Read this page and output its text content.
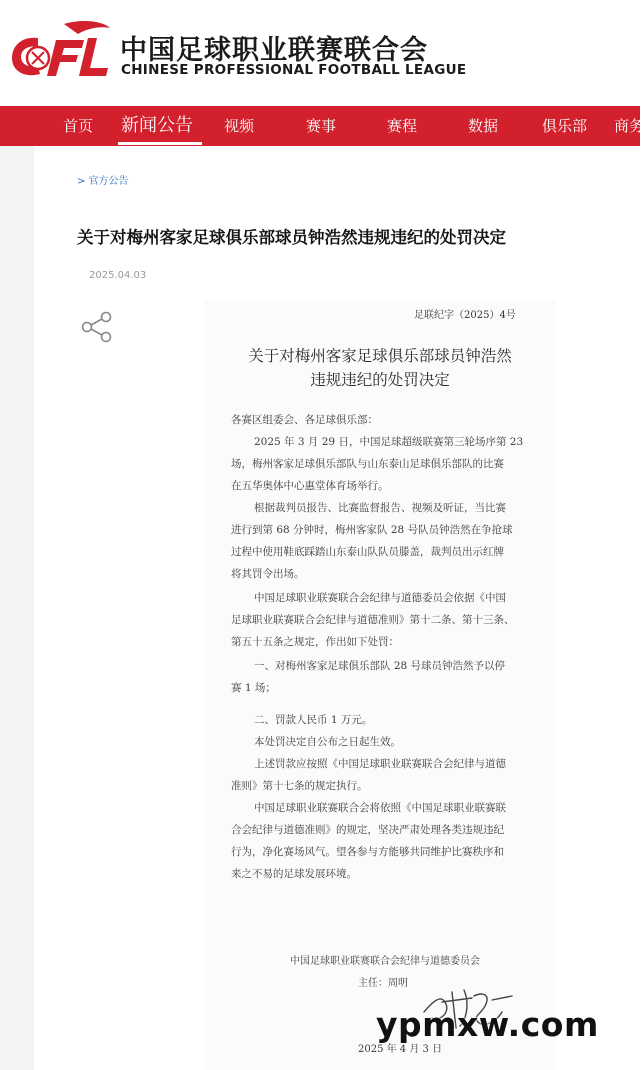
中国足球职业联赛联合会
CHINESE PROFESSIONAL FOOTBALL LEAGUE
首页 新闻公告 视频	赛事	赛程	数据	俱乐部 商务
> 官方公告
关于对梅州客家足球俱乐部球员钟浩然违规违纪的处罚决定
2025.04.03
足联纪字（2025）4号
关于对梅州客家足球俱乐部球员钟浩然
违规违纪的处罚决定
各赛区组委会、各足球俱乐部：
2025 年 3 月 29 日，中国足球超级联赛第三轮场序第 23
场，梅州客家足球俱乐部队与山东泰山足球俱乐部队的比赛
在五华奥体中心惠堂体育场举行。
根据裁判员报告、比赛监督报告、视频及听证，当比赛
进行到第 68 分钟时，梅州客家队 28 号队员钟浩然在争抢球
过程中使用鞋底踩踏山东泰山队队员滕盖，裁判员出示红牌
将其罚令出场。
中国足球职业联赛联合会纪律与道德委员会依据《中国
足球职业联赛联合会纪律与道德准则》第十二条、第十三条、
第五十五条之规定，作出如下处罚：
一、对梅州客家足球俱乐部队 28 号球员钟浩然予以停
赛 1 场；
二、罚款人民币 1 万元。
本处罚决定自公布之日起生效。
上述罚款应按照《中国足球职业联赛联合会纪律与道德
准则》第十七条的规定执行。
中国足球职业联赛联合会将依照《中国足球职业联赛联
合会纪律与道德准则》的规定，坚决严肃处理各类违规违纪
行为，净化赛场风气。望各参与方能够共同维护比赛秩序和
来之不易的足球发展环境。
中国足球职业联赛联合会纪律与道德委员会
主任：周明
2025 年 4 月 3 日
ypmxw.com
